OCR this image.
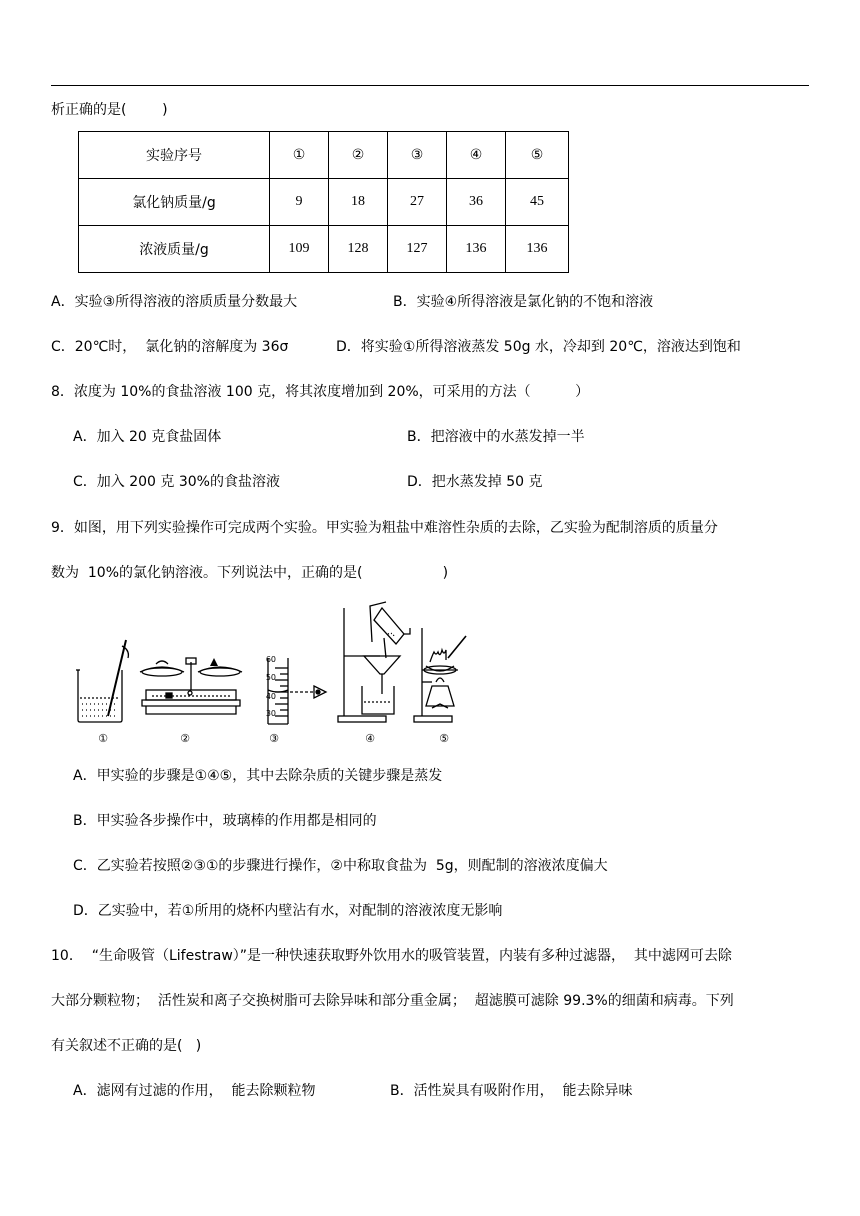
析正确的是(        )
实验序号	①	②	③	④	⑤
氯化钠质量/g	9	18	27	36	45
浓液质量/g	109	128	127	136	136
A．实验③所得溶液的溶质质量分数最大	B．实验④所得溶液是氯化钠的不饱和溶液
C．20℃时，  氯化钠的溶解度为 36σ	D．将实验①所得溶液蒸发 50g 水，冷却到 20℃，溶液达到饱和
8．浓度为 10%的食盐溶液 100 克，将其浓度增加到 20%，可采用的方法（          ）
A．加入 20 克食盐固体	B．把溶液中的水蒸发掉一半
C．加入 200 克 30%的食盐溶液	D．把水蒸发掉 50 克
9．如图，用下列实验操作可完成两个实验。甲实验为粗盐中难溶性杂质的去除，乙实验为配制溶质的质量分
数为  10%的氯化钠溶液。下列说法中，正确的是(                  )
60
50
40
30
①	②	③	④	⑤
A．甲实验的步骤是①④⑤，其中去除杂质的关键步骤是蒸发
B．甲实验各步操作中，玻璃棒的作用都是相同的
C．乙实验若按照②③①的步骤进行操作，②中称取食盐为  5g，则配制的溶液浓度偏大
D．乙实验中，若①所用的烧杯内壁沾有水，对配制的溶液浓度无影响
10．  “生命吸管（Lifestraw）”是一种快速获取野外饮用水的吸管装置，内装有多种过滤器，  其中滤网可去除
大部分颗粒物；  活性炭和离子交换树脂可去除异味和部分重金属；  超滤膜可滤除 99.3%的细菌和病毒。下列
有关叙述不正确的是(   )
A．滤网有过滤的作用，  能去除颗粒物	B．活性炭具有吸附作用，  能去除异味
